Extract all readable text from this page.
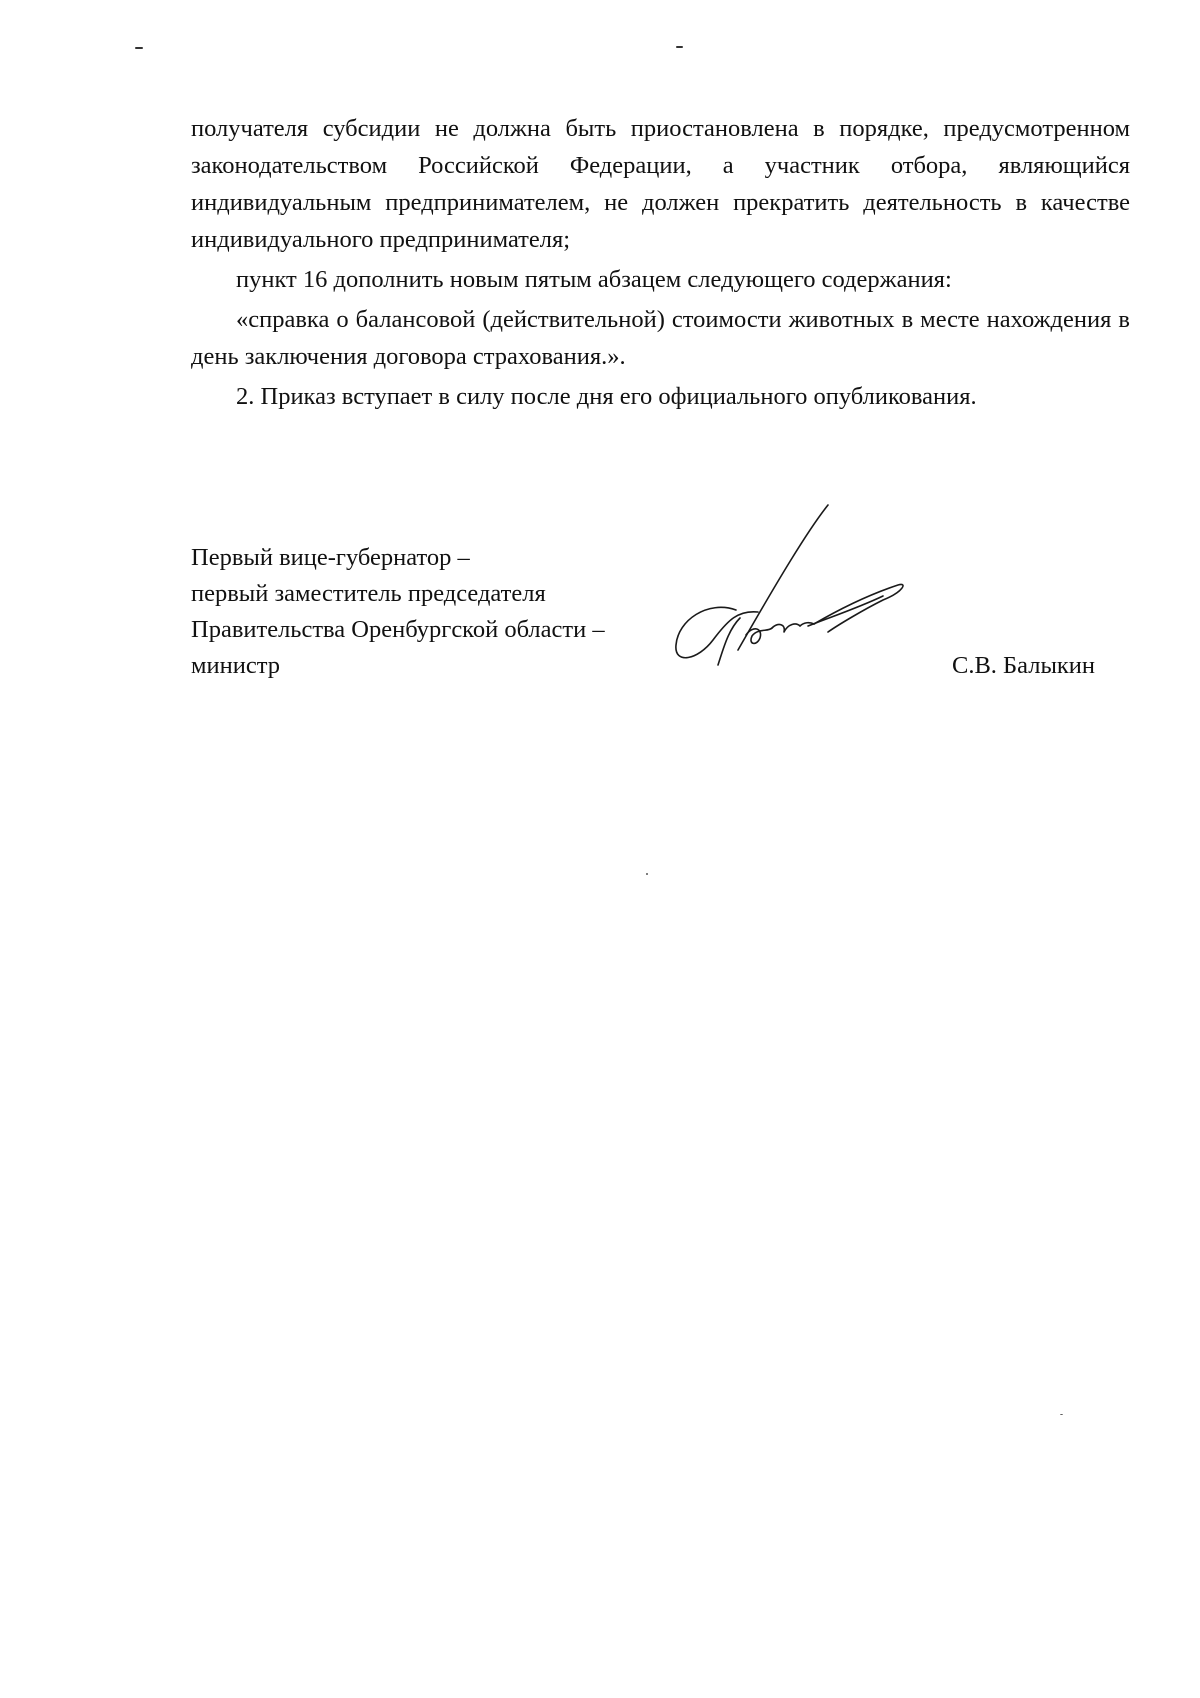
получателя субсидии не должна быть приостановлена в порядке, предусмотренном законодательством Российской Федерации, а участник отбора, являющийся индивидуальным предпринимателем, не должен прекратить деятельность в качестве индивидуального предпринимателя;

пункт 16 дополнить новым пятым абзацем следующего содержания:

«справка о балансовой (действительной) стоимости животных в месте нахождения в день заключения договора страхования.».

2. Приказ вступает в силу после дня его официального опубликования.

Первый вице-губернатор –
первый заместитель председателя
Правительства Оренбургской области –
министр	С.В. Балыкин
